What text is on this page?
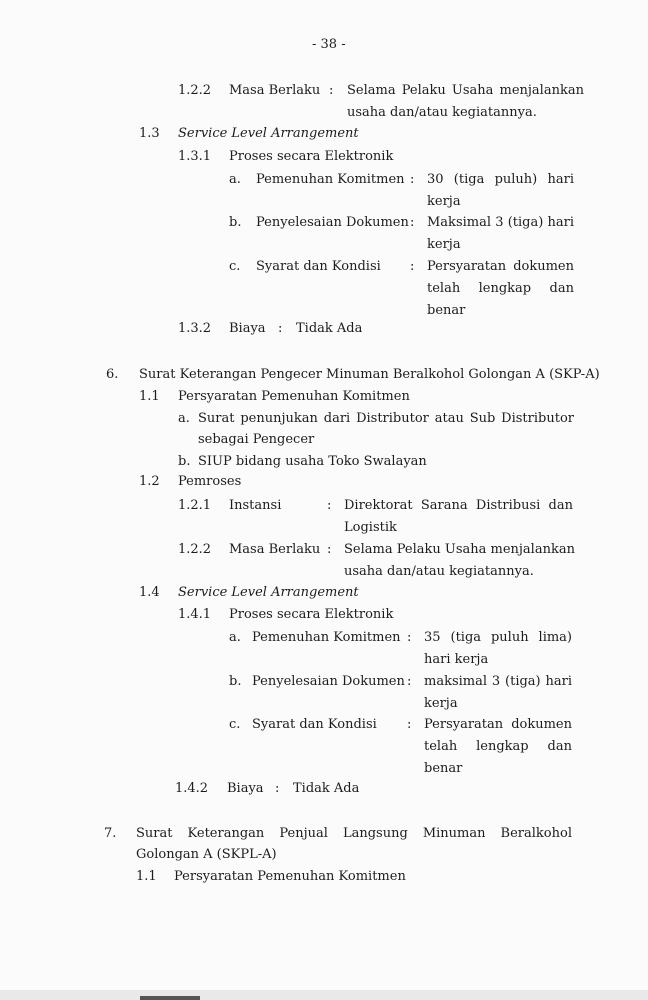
- 38 -
1.2.2 Masa Berlaku : Selama Pelaku Usaha menjalankan
usaha dan/atau kegiatannya.
1.3 Service Level Arrangement
1.3.1 Proses secara Elektronik
a. Pemenuhan Komitmen : 30 (tiga puluh) hari
kerja
b. Penyelesaian Dokumen : Maksimal 3 (tiga) hari
kerja
c. Syarat dan Kondisi : Persyaratan dokumen
telah lengkap dan
benar
1.3.2 Biaya : Tidak Ada
6. Surat Keterangan Pengecer Minuman Beralkohol Golongan A (SKP-A)
1.1 Persyaratan Pemenuhan Komitmen
a. Surat penunjukan dari Distributor atau Sub Distributor
sebagai Pengecer
b. SIUP bidang usaha Toko Swalayan
1.2 Pemroses
1.2.1 Instansi	: Direktorat Sarana Distribusi dan
Logistik
1.2.2 Masa Berlaku : Selama Pelaku Usaha menjalankan
usaha dan/atau kegiatannya.
1.4 Service Level Arrangement
1.4.1 Proses secara Elektronik
a. Pemenuhan Komitmen : 35 (tiga puluh lima)
hari kerja
b. Penyelesaian Dokumen : maksimal 3 (tiga) hari
kerja
c. Syarat dan Kondisi : Persyaratan dokumen
telah lengkap dan
benar
1.4.2 Biaya : Tidak Ada
7. Surat Keterangan Penjual Langsung Minuman Beralkohol
Golongan A (SKPL-A)
1.1 Persyaratan Pemenuhan Komitmen
